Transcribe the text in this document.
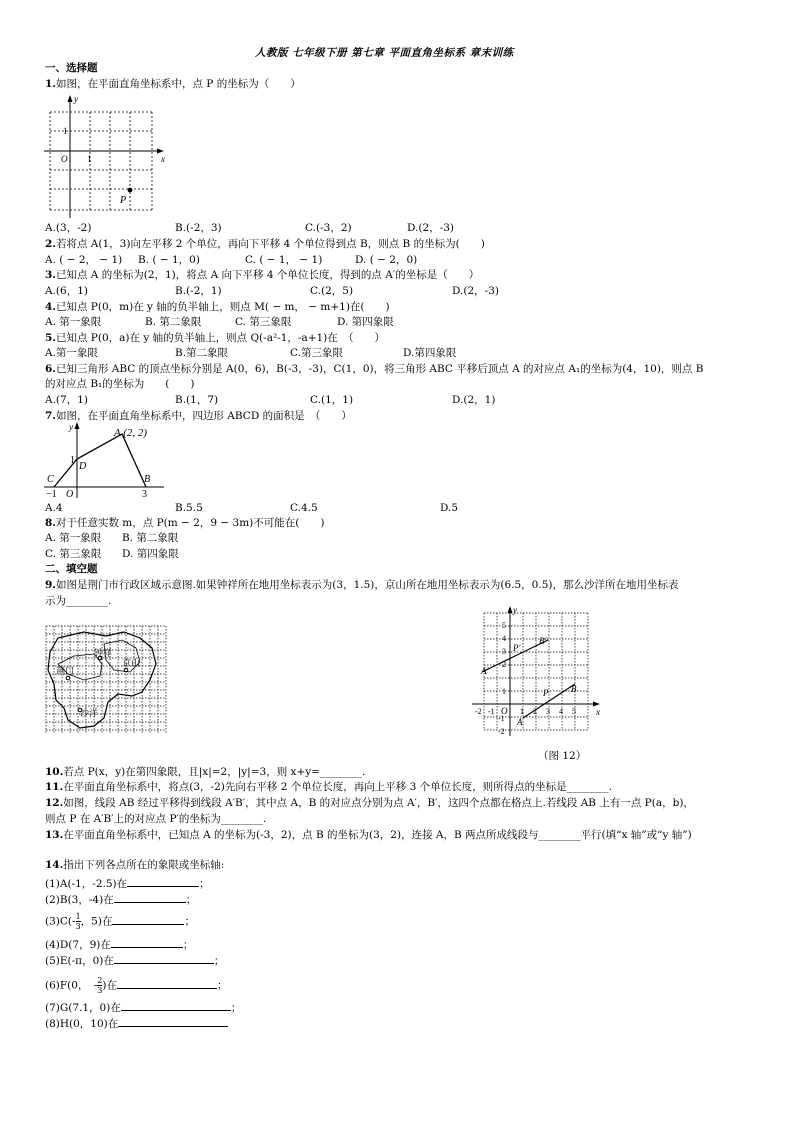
人教版 七年级下册 第七章 平面直角坐标系 章末训练
一、选择题
1.如图，在平面直角坐标系中，点 P 的坐标为（　　）
y
x
O 1
1
P
A.(3，-2)	B.(-2，3)	C.(-3，2)	D.(2，-3)
2.若将点 A(1，3)向左平移 2 个单位，再向下平移 4 个单位得到点 B，则点 B 的坐标为(　　)
A. ( − 2， − 1) B. ( − 1，0)	C. ( − 1， − 1)	D. ( − 2，0)
3.已知点 A 的坐标为(2，1)，将点 A 向下平移 4 个单位长度，得到的点 A′的坐标是（　　）
A.(6，1)	B.(-2，1)	C.(2，5)	D.(2，-3)
4.已知点 P(0，m)在 y 轴的负半轴上，则点 M( − m， − m+1)在(　　)
A. 第一象限	B. 第二象限	C. 第三象限	D. 第四象限
5.已知点 P(0，a)在 y 轴的负半轴上，则点 Q(-a²-1，-a+1)在　（　　）
A.第一象限	B.第二象限	C.第三象限	D.第四象限
6.已知三角形 ABC 的顶点坐标分别是 A(0，6)，B(-3，-3)，C(1，0)，将三角形 ABC 平移后顶点 A 的对应点 A₁的坐标为(4，10)，则点 B
的对应点 B₁的坐标为　　(　　)
A.(7，1)	B.(1，7)	C.(1，1)	D.(2，1)
7.如图，在平面直角坐标系中，四边形 ABCD 的面积是　（　　）
y	A (2, 2)
D
1
C	B
−1 O	3
A.4	B.5.5	C.4.5	D.5
8.对于任意实数 m，点 P(m − 2，9 − 3m)不可能在(　　)
A. 第一象限 B. 第二象限
C. 第三象限 D. 第四象限
二、填空题
9.如图是荆门市行政区域示意图.如果钟祥所在地用坐标表示为(3，1.5)，京山所在地用坐标表示为(6.5，0.5)，那么沙洋所在地用坐标表
示为________.
钟祥
京山
荆门
沙洋
y
x
O
A′
B′
P′
P	B
A
-2 -1	1 2 3 4 5
5
4
3
2
1
-1
-2
（图 12）
10.若点 P(x，y)在第四象限，且|x|=2，|y|=3，则 x+y=________.
11.在平面直角坐标系中，将点(3，-2)先向右平移 2 个单位长度，再向上平移 3 个单位长度，则所得点的坐标是________.
12.如图，线段 AB 经过平移得到线段 A′B′，其中点 A，B 的对应点分别为点 A′，B′，这四个点都在格点上.若线段 AB 上有一点 P(a，b)，
则点 P 在 A′B′上的对应点 P′的坐标为________.
13.在平面直角坐标系中，已知点 A 的坐标为(-3，2)，点 B 的坐标为(3，2)，连接 A，B 两点所成线段与________平行(填“x 轴”或“y 轴”)
14.指出下列各点所在的象限或坐标轴:
(1)A(-1，-2.5)在	；
(2)B(3，-4)在	；
$(3)C(- \frac{1}{3}$ ，5)在	；
(4)D(7，9)在	；
(5)E(-π，0)在	；
(6)F(0，　- $\frac{2}{3}$ )在	；
(7)G(7.1，0)在	；
(8)H(0，10)在
